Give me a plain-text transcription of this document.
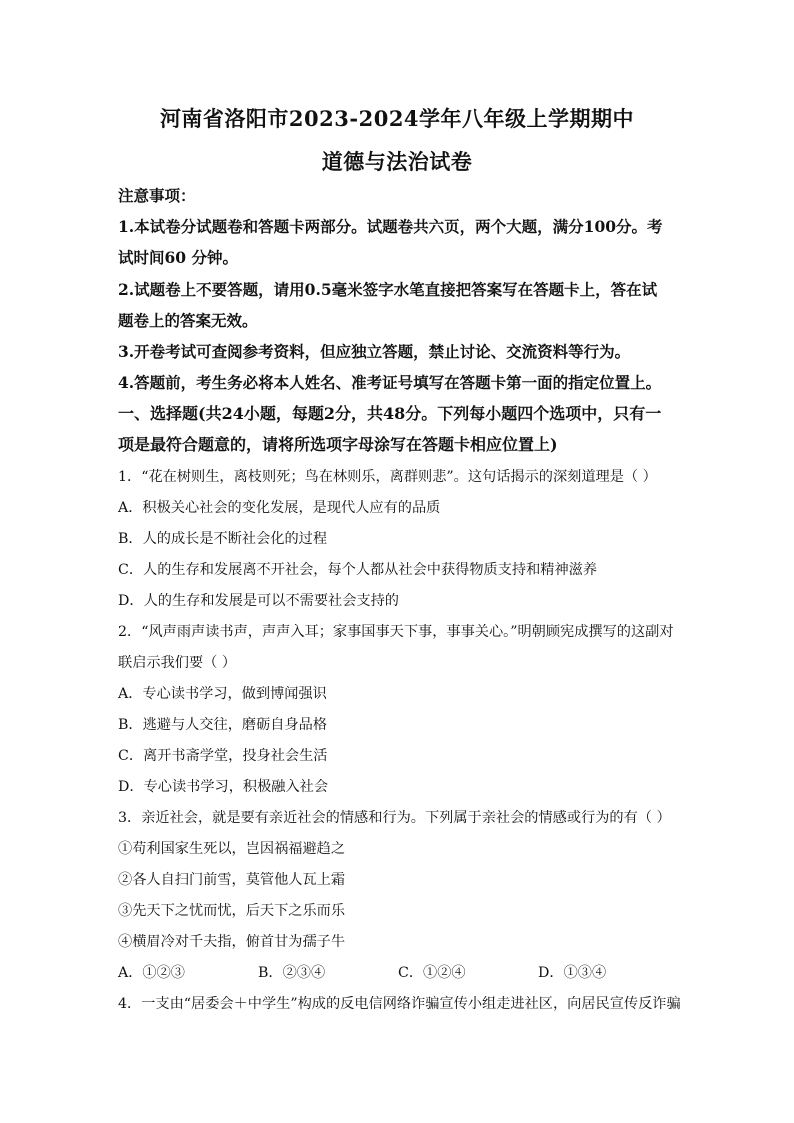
河南省洛阳市2023-2024学年八年级上学期期中
道德与法治试卷
注意事项：
1.本试卷分试题卷和答题卡两部分。试题卷共六页，两个大题，满分100分。考
试时间60 分钟。
2.试题卷上不要答题，请用0.5毫米签字水笔直接把答案写在答题卡上，答在试
题卷上的答案无效。
3.开卷考试可查阅参考资料，但应独立答题，禁止讨论、交流资料等行为。
4.答题前，考生务必将本人姓名、准考证号填写在答题卡第一面的指定位置上。
一、选择题(共24小题，每题2分，共48分。下列每小题四个选项中，只有一
项是最符合题意的，请将所选项字母涂写在答题卡相应位置上)
1．“花在树则生，离枝则死；鸟在林则乐，离群则悲”。这句话揭示的深刻道理是（ ）
A．积极关心社会的变化发展，是现代人应有的品质
B．人的成长是不断社会化的过程
C．人的生存和发展离不开社会，每个人都从社会中获得物质支持和精神滋养
D．人的生存和发展是可以不需要社会支持的
2．“风声雨声读书声，声声入耳；家事国事天下事，事事关心。”明朝顾宪成撰写的这副对
联启示我们要（ ）
A．专心读书学习，做到博闻强识
B．逃避与人交往，磨砺自身品格
C．离开书斋学堂，投身社会生活
D．专心读书学习，积极融入社会
3．亲近社会，就是要有亲近社会的情感和行为。下列属于亲社会的情感或行为的有（ ）
①苟利国家生死以，岂因祸福避趋之
②各人自扫门前雪，莫管他人瓦上霜
③先天下之忧而忧，后天下之乐而乐
④横眉冷对千夫指，俯首甘为孺子牛
A．①②③	B．②③④	C．①②④	D．①③④
4．一支由“居委会＋中学生”构成的反电信网络诈骗宣传小组走进社区，向居民宣传反诈骗
